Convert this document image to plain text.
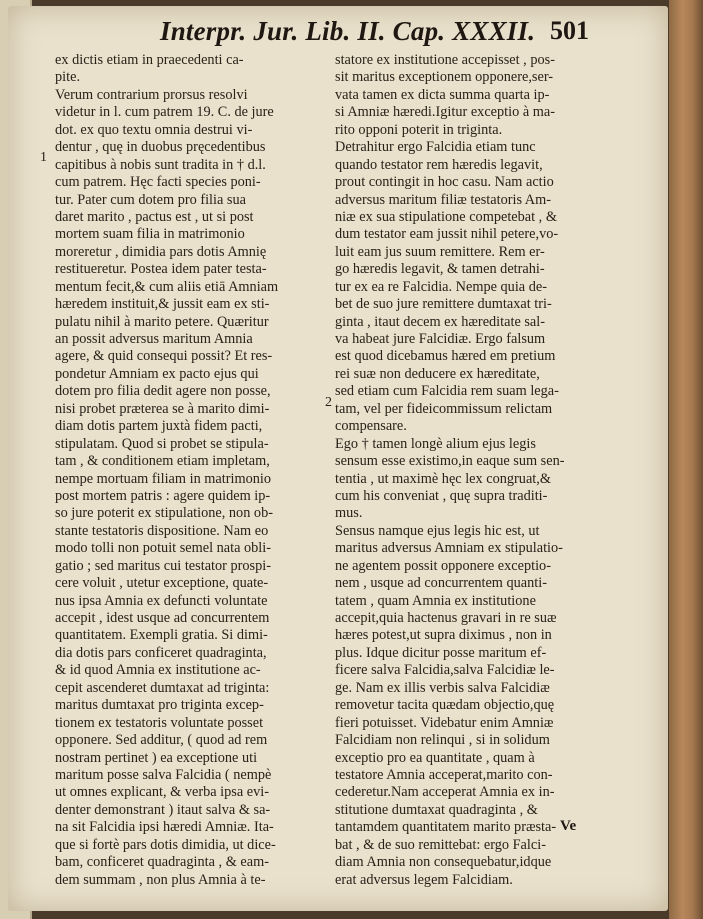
Interpr. Jur. Lib. II. Cap. XXXII. 501
1
2
ex dictis etiam in praecedenti ca-
pite.
Verum contrarium prorsus resolvi
videtur in l. cum patrem 19. C. de jure
dot. ex quo textu omnia destrui vi-
dentur , quę in duobus pręcedentibus
capitibus à nobis sunt tradita in † d.l.
cum patrem. Hęc facti species poni-
tur. Pater cum dotem pro filia sua
daret marito , pactus est , ut si post
mortem suam filia in matrimonio
moreretur , dimidia pars dotis Amnię
restitueretur. Postea idem pater testa-
mentum fecit,& cum aliis etiā Amniam
hæredem instituit,& jussit eam ex sti-
pulatu nihil à marito petere. Quæritur
an possit adversus maritum Amnia
agere, & quid consequi possit? Et res-
pondetur Amniam ex pacto ejus qui
dotem pro filia dedit agere non posse,
nisi probet præterea se à marito dimi-
diam dotis partem juxtà fidem pacti,
stipulatam. Quod si probet se stipula-
tam , & conditionem etiam impletam,
nempe mortuam filiam in matrimonio
post mortem patris : agere quidem ip-
so jure poterit ex stipulatione, non ob-
stante testatoris dispositione. Nam eo
modo tolli non potuit semel nata obli-
gatio ; sed maritus cui testator prospi-
cere voluit , utetur exceptione, quate-
nus ipsa Amnia ex defuncti voluntate
accepit , idest usque ad concurrentem
quantitatem. Exempli gratia. Si dimi-
dia dotis pars conficeret quadraginta,
& id quod Amnia ex institutione ac-
cepit ascenderet dumtaxat ad triginta:
maritus dumtaxat pro triginta excep-
tionem ex testatoris voluntate posset
opponere. Sed additur, ( quod ad rem
nostram pertinet ) ea exceptione uti
maritum posse salva Falcidia ( nempè
ut omnes explicant, & verba ipsa evi-
denter demonstrant ) itaut salva & sa-
na sit Falcidia ipsi hæredi Amniæ. Ita-
que si fortè pars dotis dimidia, ut dice-
bam, conficeret quadraginta , & eam-
dem summam , non plus Amnia à te-
statore ex institutione accepisset , pos-
sit maritus exceptionem opponere,ser-
vata tamen ex dicta summa quarta ip-
si Amniæ hæredi.Igitur exceptio à ma-
rito opponi poterit in triginta.
Detrahitur ergo Falcidia etiam tunc
quando testator rem hæredis legavit,
prout contingit in hoc casu. Nam actio
adversus maritum filiæ testatoris Am-
niæ ex sua stipulatione competebat , &
dum testator eam jussit nihil petere,vo-
luit eam jus suum remittere. Rem er-
go hæredis legavit, & tamen detrahi-
tur ex ea re Falcidia. Nempe quia de-
bet de suo jure remittere dumtaxat tri-
ginta , itaut decem ex hæreditate sal-
va habeat jure Falcidiæ. Ergo falsum
est quod dicebamus hæred em pretium
rei suæ non deducere ex hæreditate,
sed etiam cum Falcidia rem suam lega-
tam, vel per fideicommissum relictam
compensare.
Ego † tamen longè alium ejus legis
sensum esse existimo,in eaque sum sen-
tentia , ut maximè hęc lex congruat,&
cum his conveniat , quę supra traditi-
mus.
Sensus namque ejus legis hic est, ut
maritus adversus Amniam ex stipulatio-
ne agentem possit opponere exceptio-
nem , usque ad concurrentem quanti-
tatem , quam Amnia ex institutione
accepit,quia hactenus gravari in re suæ
hæres potest,ut supra diximus , non in
plus. Idque dicitur posse maritum ef-
ficere salva Falcidia,salva Falcidiæ le-
ge. Nam ex illis verbis salva Falcidiæ
removetur tacita quædam objectio,quę
fieri potuisset. Videbatur enim Amniæ
Falcidiam non relinqui , si in solidum
exceptio pro ea quantitate , quam à
testatore Amnia acceperat,marito con-
cederetur.Nam acceperat Amnia ex in-
stitutione dumtaxat quadraginta , &
tantamdem quantitatem marito præsta-
bat , & de suo remittebat: ergo Falci-
diam Amnia non consequebatur,idque
erat adversus legem Falcidiam.
Ve
